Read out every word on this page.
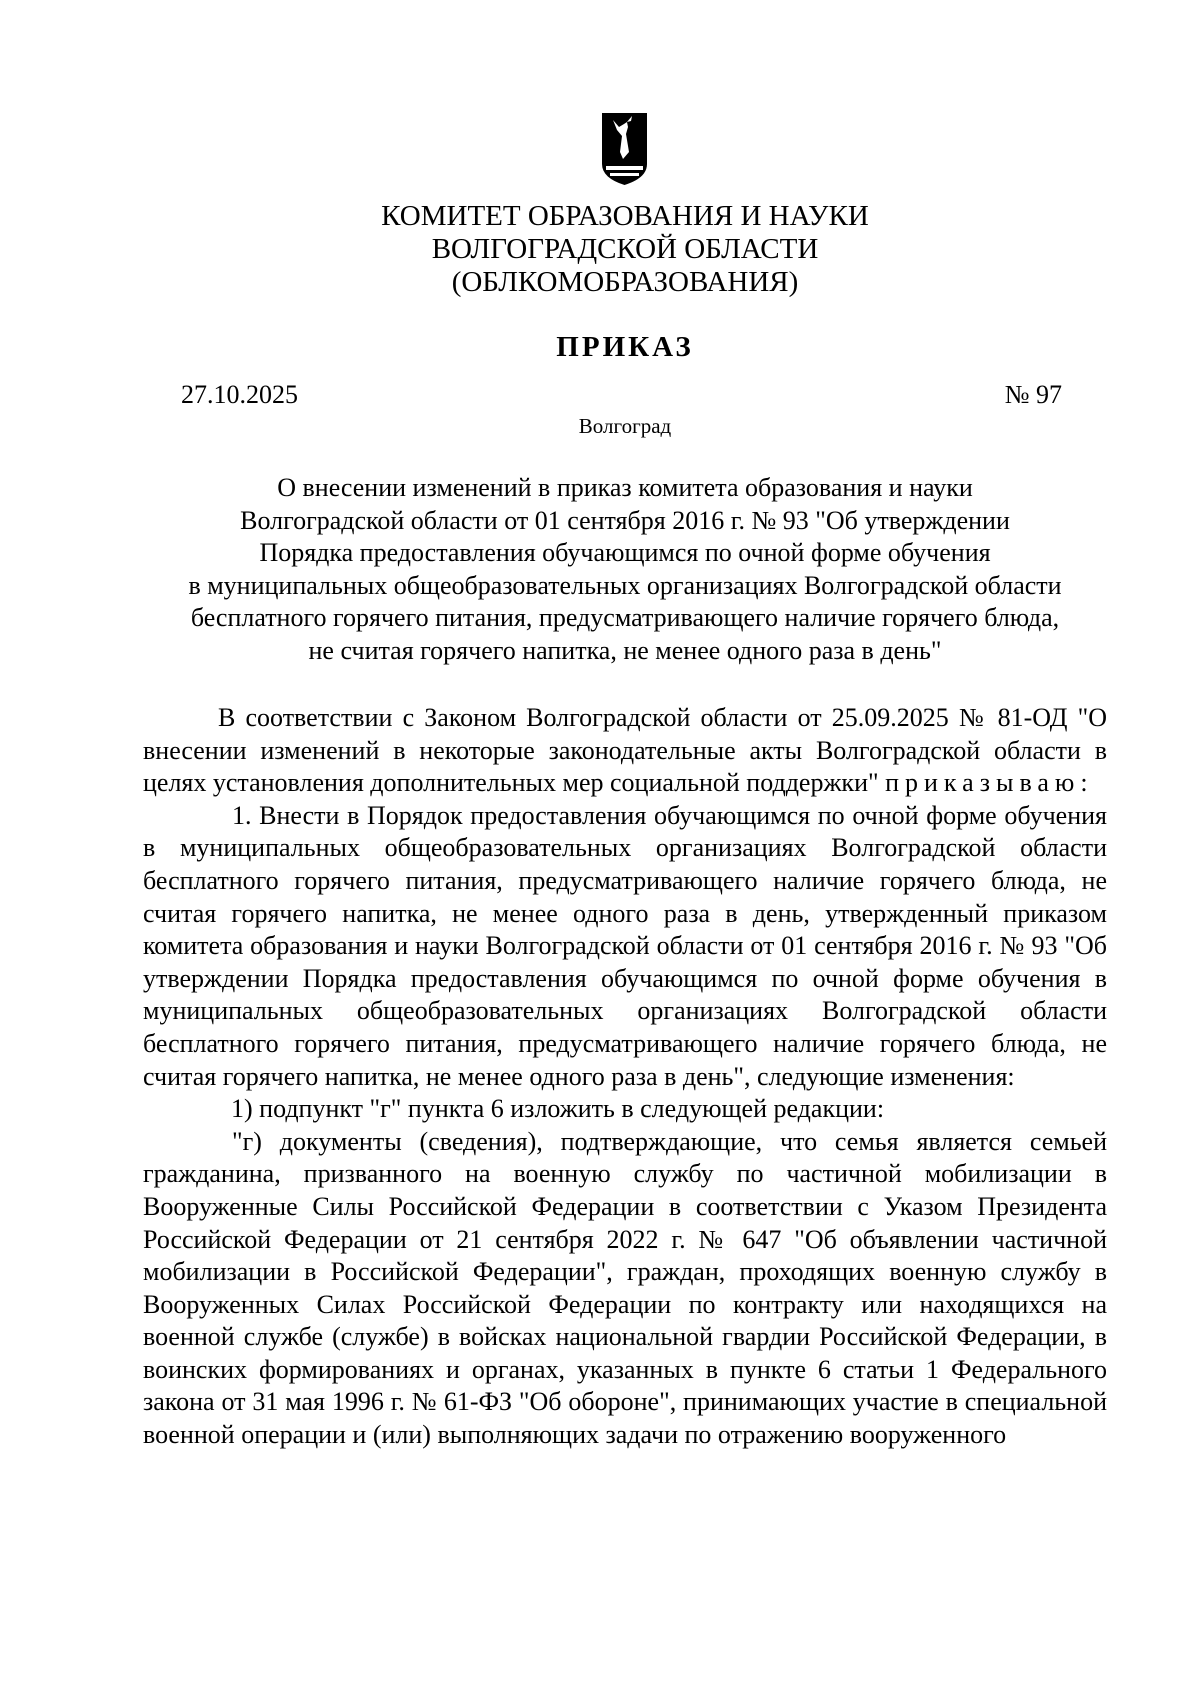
КОМИТЕТ ОБРАЗОВАНИЯ И НАУКИ
ВОЛГОГРАДСКОЙ ОБЛАСТИ
(ОБЛКОМОБРАЗОВАНИЯ)
ПРИКАЗ
27.10.2025	№ 97
Волгоград
О внесении изменений в приказ комитета образования и науки
Волгоградской области от 01 сентября 2016 г. № 93 "Об утверждении
Порядка предоставления обучающимся по очной форме обучения
в муниципальных общеобразовательных организациях Волгоградской области
бесплатного горячего питания, предусматривающего наличие горячего блюда,
не считая горячего напитка, не менее одного раза в день"

В соответствии с Законом Волгоградской области от 25.09.2025 № 81-ОД "О внесении изменений в некоторые законодательные акты Волгоградской области в целях установления дополнительных мер социальной поддержки" приказываю:

1. Внести в Порядок предоставления обучающимся по очной форме обучения в муниципальных общеобразовательных организациях Волгоградской области бесплатного горячего питания, предусматривающего наличие горячего блюда, не считая горячего напитка, не менее одного раза в день, утвержденный приказом комитета образования и науки Волгоградской области от 01 сентября 2016 г. № 93 "Об утверждении Порядка предоставления обучающимся по очной форме обучения в муниципальных общеобразовательных организациях Волгоградской области бесплатного горячего питания, предусматривающего наличие горячего блюда, не считая горячего напитка, не менее одного раза в день", следующие изменения:

1) подпункт "г" пункта 6 изложить в следующей редакции:

"г) документы (сведения), подтверждающие, что семья является семьей гражданина, призванного на военную службу по частичной мобилизации в Вооруженные Силы Российской Федерации в соответствии с Указом Президента Российской Федерации от 21 сентября 2022 г. № 647 "Об объявлении частичной мобилизации в Российской Федерации", граждан, проходящих военную службу в Вооруженных Силах Российской Федерации по контракту или находящихся на военной службе (службе) в войсках национальной гвардии Российской Федерации, в воинских формированиях и органах, указанных в пункте 6 статьи 1 Федерального закона от 31 мая 1996 г. № 61-ФЗ "Об обороне", принимающих участие в специальной военной операции и (или) выполняющих задачи по отражению вооруженного
